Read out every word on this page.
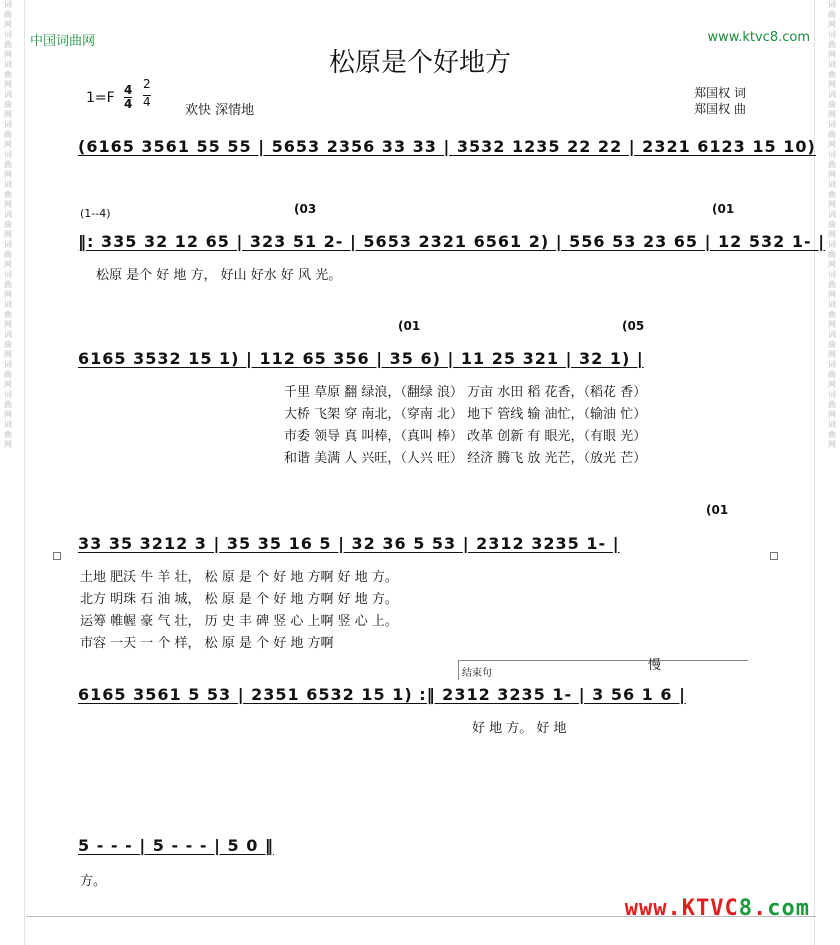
词
曲
网
词
曲
网
词
曲
网
词
曲
网
词
曲
网
词
曲
网
词
曲
网
词
曲
网
词
曲
网
词
曲
网
词
曲
网
词
曲
网
词
曲
网
词
曲
网
词
曲
网
词
曲
网
词
曲
网
词
曲
网
词
曲
网
词
曲
网
词
曲
网
词
曲
网
词
曲
网
词
曲
网
词
曲
网
词
曲
网
词
曲
网
词
曲
网
词
曲
网
词
曲
网
中国词曲网	www.ktvc8.com
松原是个好地方
$1=F \frac{4}{4} \frac{2}{4}$
欢快 深情地
郑国权 词
郑国权 曲
(6165 3561 55 55 | 5653 2356 33 33 | 3532 1235 22 22 | 2321 6123 15 10)
(1--4)	(03	(01
‖: 335 32 12 65 | 323 51 2- | 5653 2321 6561 2) | 556 53 23 65 | 12 532 1- |
松原 是个 好 地 方， 好山 好水 好 风 光。
(01	(05
6165 3532 15 1) | 112 65 356 | 35 6) | 11 25 321 | 32 1) |
千里 草原 翻 绿浪，（翻绿 浪） 万亩 水田 稻 花香，（稻花 香）
大桥 飞架 穿 南北，（穿南 北） 地下 管线 输 油忙，（输油 忙）
市委 领导 真 叫棒，（真叫 棒） 改革 创新 有 眼光，（有眼 光）
和谐 美满 人 兴旺，（人兴 旺） 经济 腾飞 放 光芒，（放光 芒）
(01
33 35 3212 3 | 35 35 16 5 | 32 36 5 53 | 2312 3235 1- |
土地 肥沃 牛 羊 壮， 松 原 是 个 好 地 方啊 好 地 方。
北方 明珠 石 油 城， 松 原 是 个 好 地 方啊 好 地 方。
运筹 帷幄 豪 气 壮， 历 史 丰 碑 竖 心 上啊 竖 心 上。
市容 一天 一 个 样， 松 原 是 个 好 地 方啊
结束句
慢
6165 3561 5 53 | 2351 6532 15 1) :‖ 2312 3235 1- | 3 56 1 6 |
好 地 方。 好 地
5 - - - | 5 - - - | 5 0 ‖
方。
www.KTVC8.com
